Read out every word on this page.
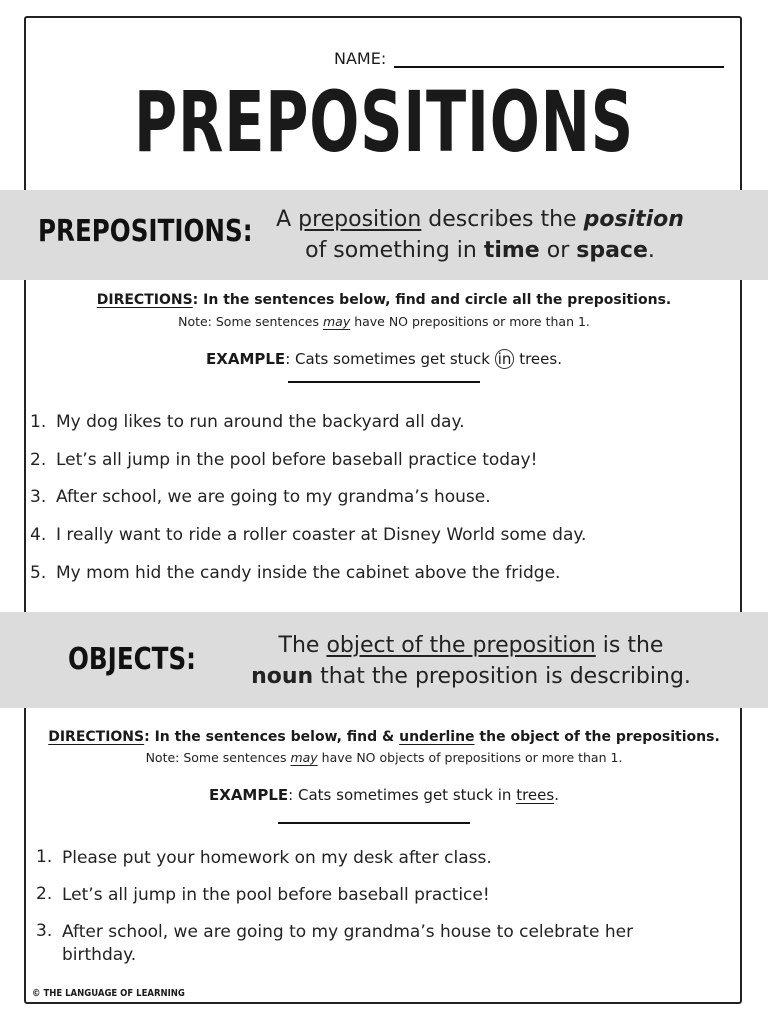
NAME:
PREPOSITIONS
PREPOSITIONS:	A preposition describes the position
of something in time or space.
DIRECTIONS: In the sentences below, find and circle all the prepositions.
Note: Some sentences may have NO prepositions or more than 1.
EXAMPLE: Cats sometimes get stuck in trees.
1. My dog likes to run around the backyard all day.
2. Let’s all jump in the pool before baseball practice today!
3. After school, we are going to my grandma’s house.
4. I really want to ride a roller coaster at Disney World some day.
5. My mom hid the candy inside the cabinet above the fridge.
OBJECTS:	The object of the preposition is the
noun that the preposition is describing.
DIRECTIONS: In the sentences below, find & underline the object of the prepositions.
Note: Some sentences may have NO objects of prepositions or more than 1.
EXAMPLE: Cats sometimes get stuck in trees.
1. Please put your homework on my desk after class.
2. Let’s all jump in the pool before baseball practice!
3. After school, we are going to my grandma’s house to celebrate her birthday.
© THE LANGUAGE OF LEARNING
